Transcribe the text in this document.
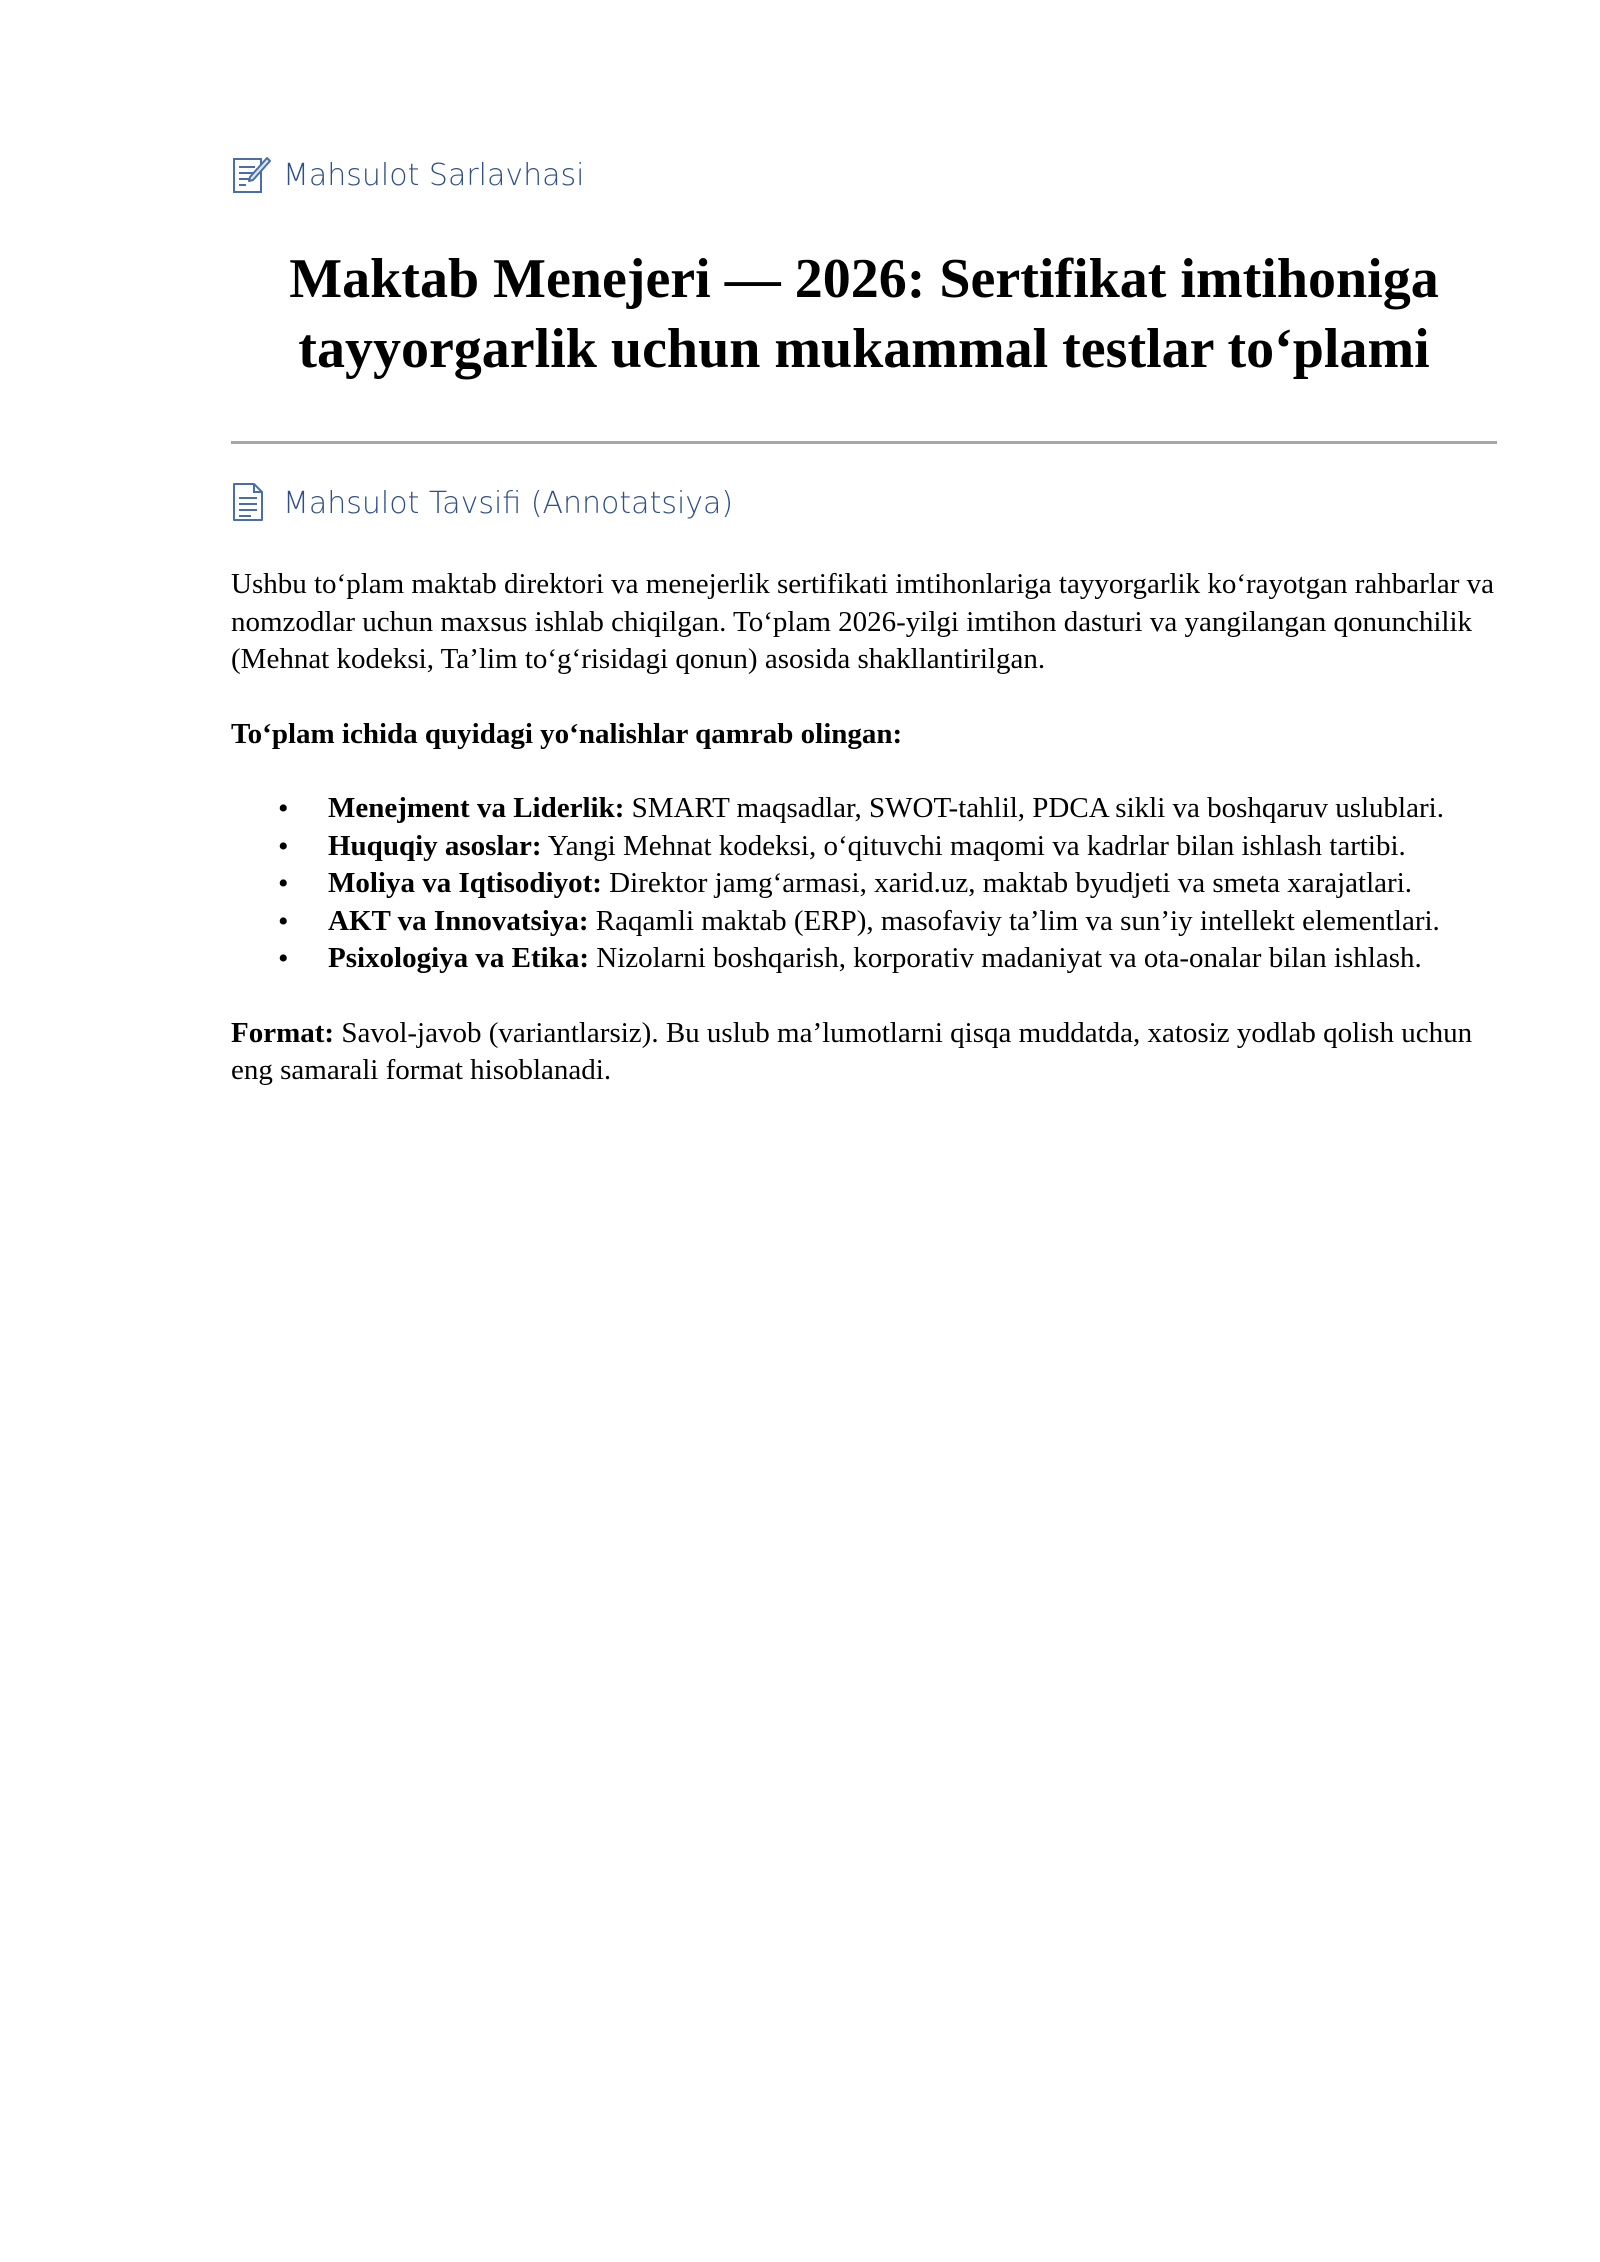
Mahsulot Sarlavhasi
Maktab Menejeri — 2026: Sertifikat imtihoniga
tayyorgarlik uchun mukammal testlar to‘plami
Mahsulot Tavsifi (Annotatsiya)

Ushbu to‘plam maktab direktori va menejerlik sertifikati imtihonlariga tayyorgarlik ko‘rayotgan rahbarlar va nomzodlar uchun maxsus ishlab chiqilgan. To‘plam 2026-yilgi imtihon dasturi va yangilangan qonunchilik (Mehnat kodeksi, Ta’lim to‘g‘risidagi qonun) asosida shakllantirilgan.

To‘plam ichida quyidagi yo‘nalishlar qamrab olingan:

• Menejment va Liderlik: SMART maqsadlar, SWOT-tahlil, PDCA sikli va boshqaruv uslublari.
• Huquqiy asoslar: Yangi Mehnat kodeksi, o‘qituvchi maqomi va kadrlar bilan ishlash tartibi.
• Moliya va Iqtisodiyot: Direktor jamg‘armasi, xarid.uz, maktab byudjeti va smeta xarajatlari.
• AKT va Innovatsiya: Raqamli maktab (ERP), masofaviy ta’lim va sun’iy intellekt elementlari.
• Psixologiya va Etika: Nizolarni boshqarish, korporativ madaniyat va ota-onalar bilan ishlash.

Format: Savol-javob (variantlarsiz). Bu uslub ma’lumotlarni qisqa muddatda, xatosiz yodlab qolish uchun eng samarali format hisoblanadi.
